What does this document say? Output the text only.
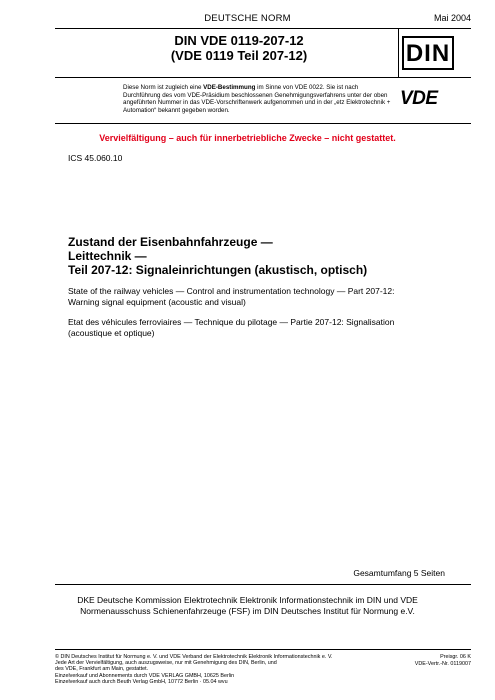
DEUTSCHE NORM	Mai 2004
DIN VDE 0119-207-12
(VDE 0119 Teil 207-12)	DIN
Diese Norm ist zugleich eine VDE-Bestimmung im Sinne von VDE 0022. Sie ist nach Durchführung des vom VDE-Präsidium beschlossenen Genehmigungsverfahrens unter der oben angeführten Nummer in das VDE-Vorschriftenwerk aufgenommen und in der „etz Elektrotechnik + Automation“ bekannt gegeben worden.
VDE
Vervielfältigung – auch für innerbetriebliche Zwecke – nicht gestattet.
ICS 45.060.10
Zustand der Eisenbahnfahrzeuge —
Leittechnik —
Teil 207-12: Signaleinrichtungen (akustisch, optisch)
State of the railway vehicles — Control and instrumentation technology — Part 207-12:
Warning signal equipment (acoustic and visual)
Etat des véhicules ferroviaires — Technique du pilotage — Partie 207-12: Signalisation
(acoustique et optique)
Gesamtumfang 5 Seiten
DKE Deutsche Kommission Elektrotechnik Elektronik Informationstechnik im DIN und VDE
Normenausschuss Schienenfahrzeuge (FSF) im DIN Deutsches Institut für Normung e.V.
© DIN Deutsches Institut für Normung e. V. und VDE Verband der Elektrotechnik Elektronik Informationstechnik e. V.
Jede Art der Vervielfältigung, auch auszugsweise, nur mit Genehmigung des DIN, Berlin, und
des VDE, Frankfurt am Main, gestattet.
Einzelverkauf und Abonnements durch VDE VERLAG GMBH, 10625 Berlin
Einzelverkauf auch durch Beuth Verlag GmbH, 10772 Berlin · 05.04 wvu
Preisgr. 06 K
VDE-Vertr.-Nr. 0119007
